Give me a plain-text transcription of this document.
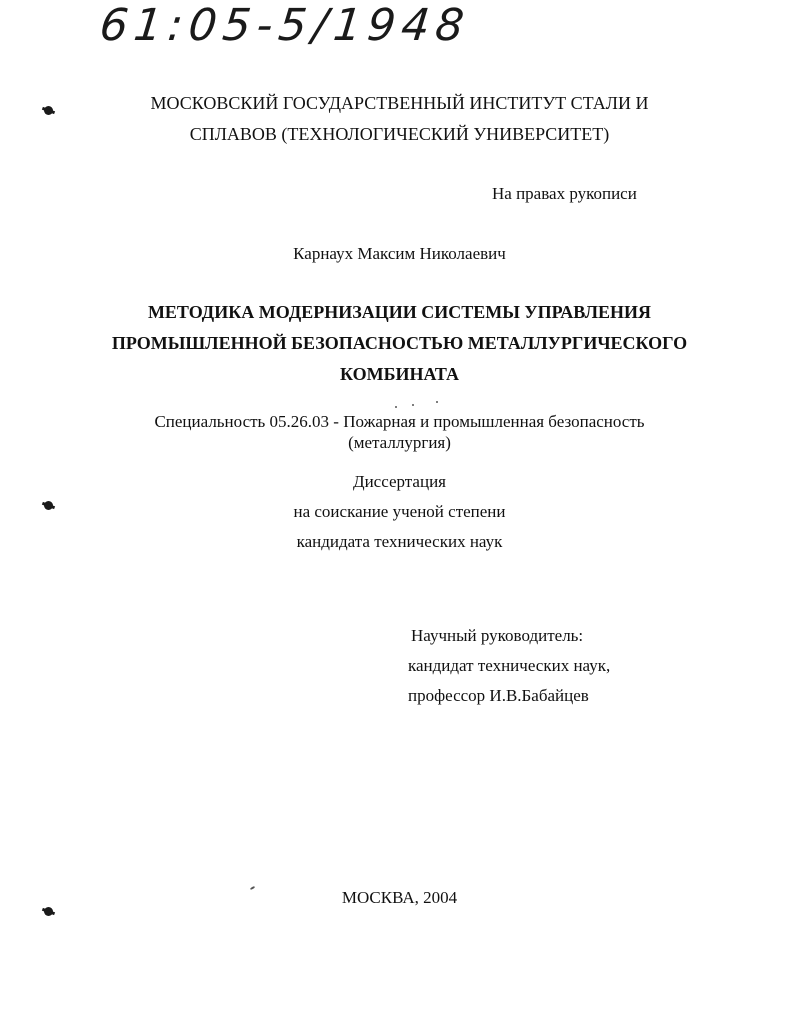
61:05-5/1948
МОСКОВСКИЙ ГОСУДАРСТВЕННЫЙ ИНСТИТУТ СТАЛИ И
СПЛАВОВ (ТЕХНОЛОГИЧЕСКИЙ УНИВЕРСИТЕТ)
На правах рукописи
Карнаух Максим Николаевич
МЕТОДИКА МОДЕРНИЗАЦИИ СИСТЕМЫ УПРАВЛЕНИЯ
ПРОМЫШЛЕННОЙ БЕЗОПАСНОСТЬЮ МЕТАЛЛУРГИЧЕСКОГО
КОМБИНАТА
Специальность 05.26.03 - Пожарная и промышленная безопасность
(металлургия)
Диссертация
на соискание ученой степени
кандидата технических наук
Научный руководитель:
кандидат технических наук,
профессор И.В.Бабайцев
МОСКВА, 2004
